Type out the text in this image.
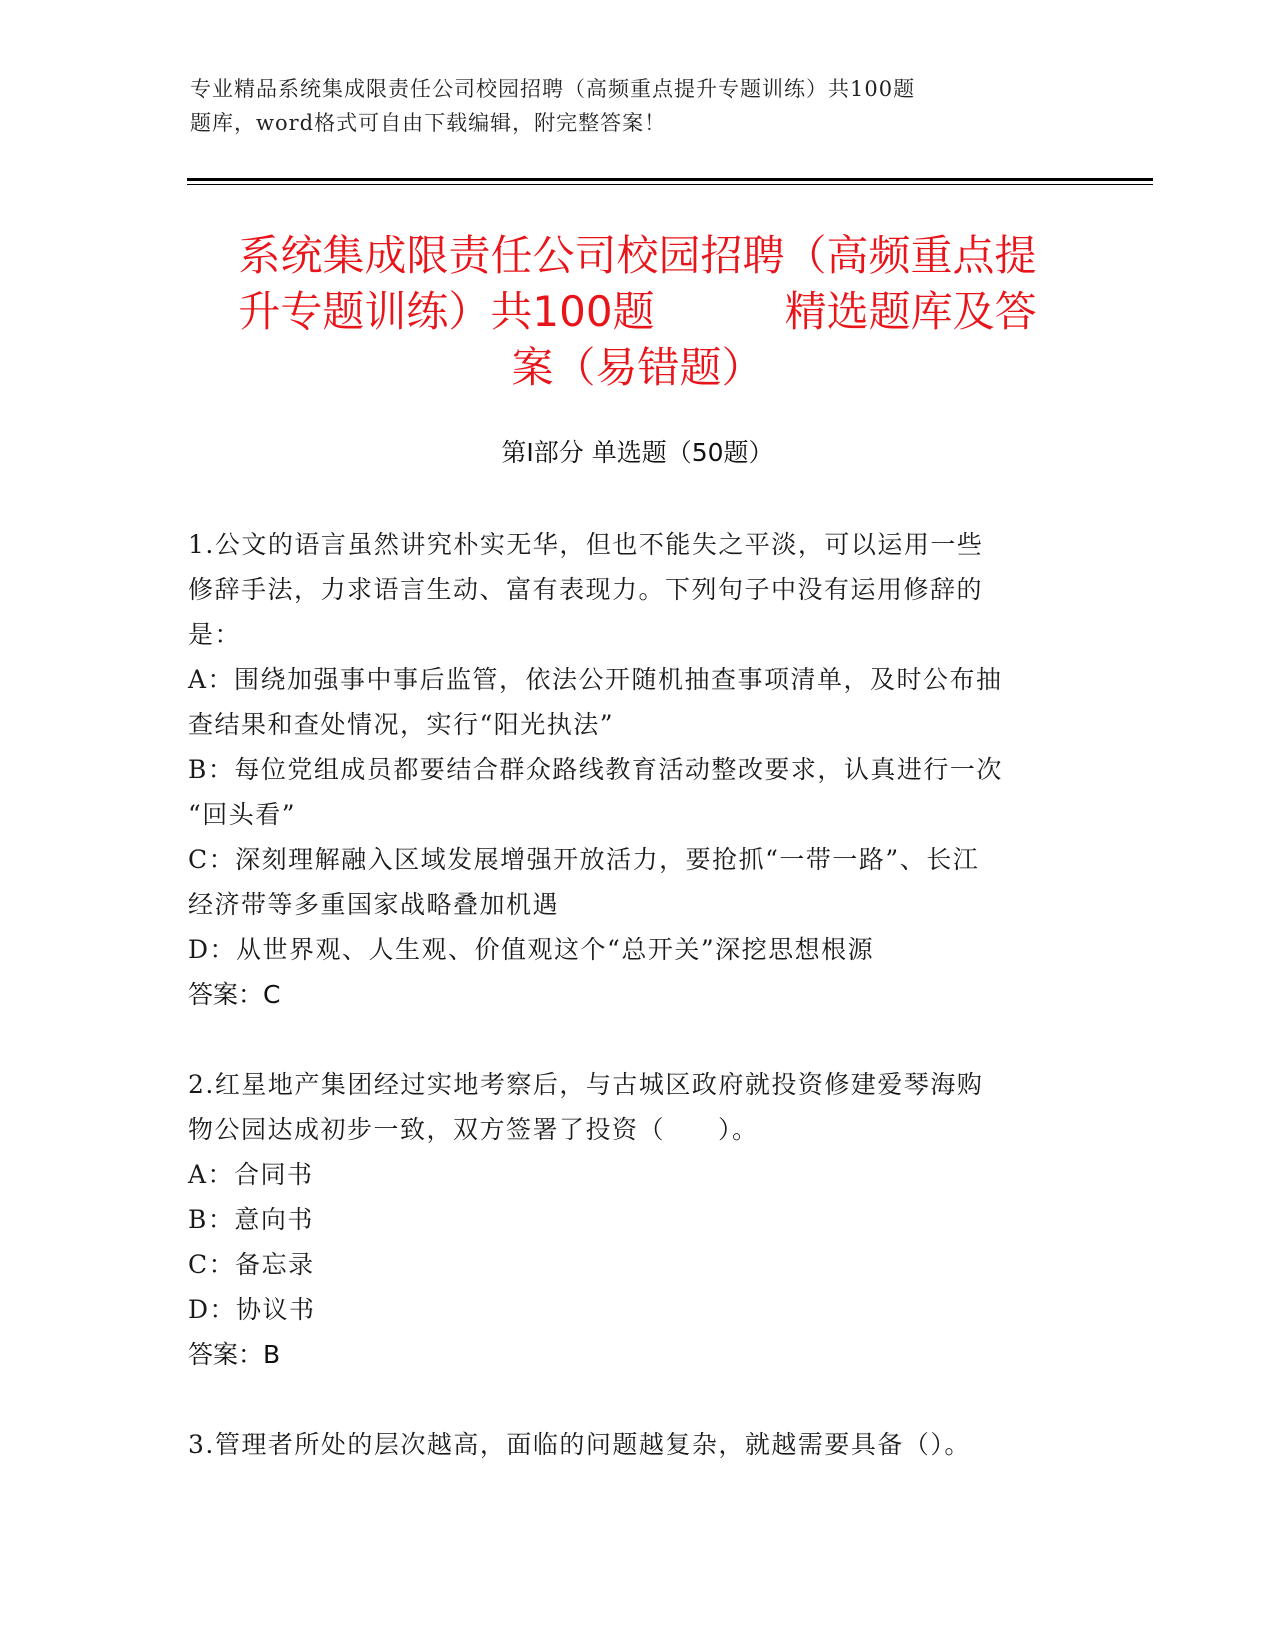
专业精品系统集成限责任公司校园招聘（高频重点提升专题训练）共100题
题库，word格式可自由下载编辑，附完整答案！
系统集成限责任公司校园招聘（高频重点提
升专题训练）共100题	精选题库及答
案（易错题）
第I部分 单选题（50题）
1.公文的语言虽然讲究朴实无华，但也不能失之平淡，可以运用一些
修辞手法，力求语言生动、富有表现力。下列句子中没有运用修辞的
是：
A：围绕加强事中事后监管，依法公开随机抽查事项清单，及时公布抽
查结果和查处情况，实行“阳光执法”
B：每位党组成员都要结合群众路线教育活动整改要求，认真进行一次
“回头看”
C：深刻理解融入区域发展增强开放活力，要抢抓“一带一路”、长江
经济带等多重国家战略叠加机遇
D：从世界观、人生观、价值观这个“总开关”深挖思想根源
答案：C
2.红星地产集团经过实地考察后，与古城区政府就投资修建爱琴海购
物公园达成初步一致，双方签署了投资（　　）。
A：合同书
B：意向书
C：备忘录
D：协议书
答案：B
3.管理者所处的层次越高，面临的问题越复杂，就越需要具备（）。
